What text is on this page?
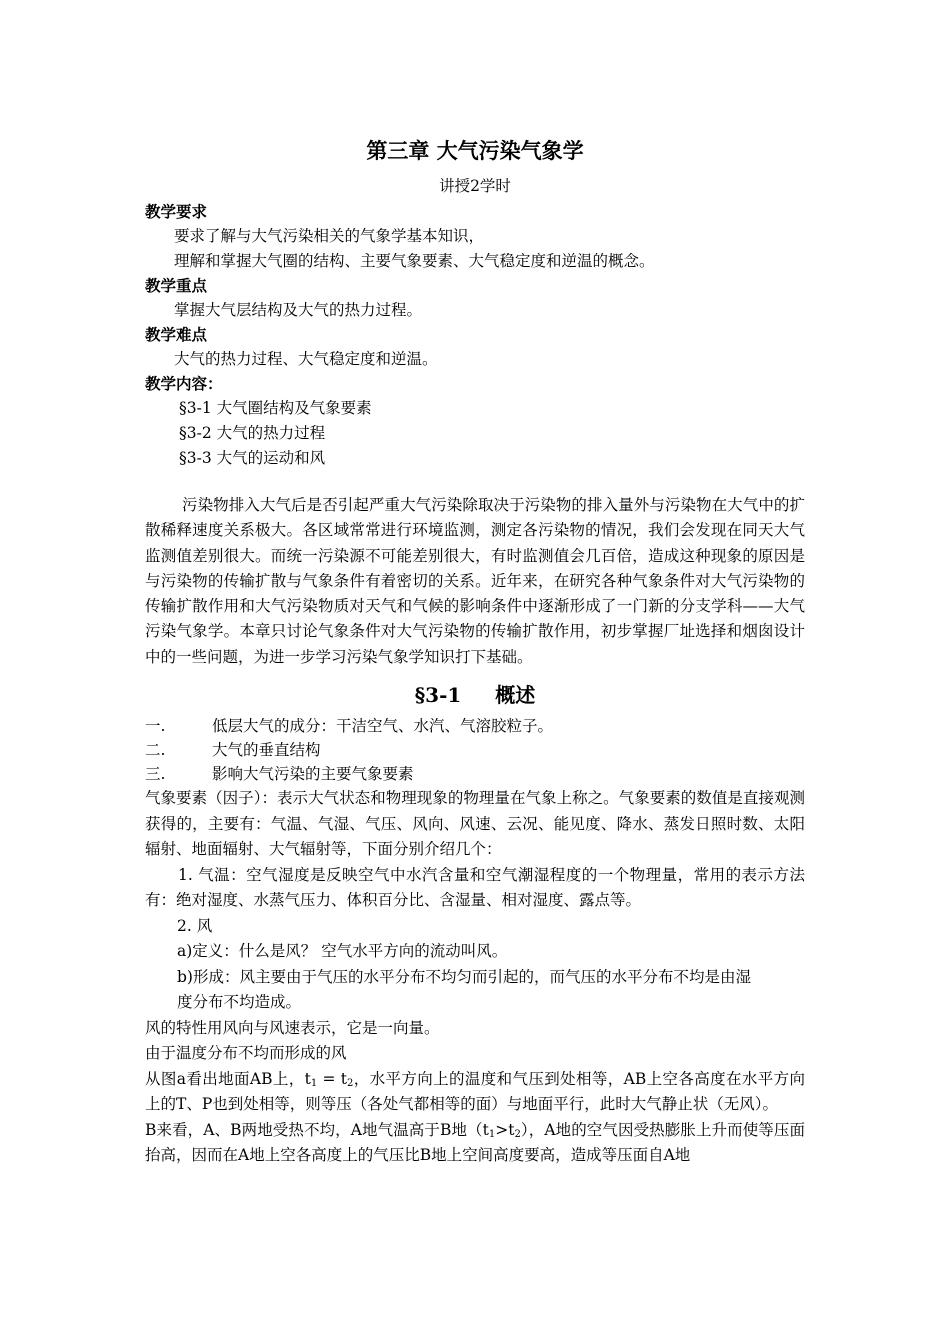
第三章 大气污染气象学
讲授2学时
教学要求
要求了解与大气污染相关的气象学基本知识，
理解和掌握大气圈的结构、主要气象要素、大气稳定度和逆温的概念。
教学重点
掌握大气层结构及大气的热力过程。
教学难点
大气的热力过程、大气稳定度和逆温。
教学内容：
§3-1 大气圈结构及气象要素
§3-2 大气的热力过程
§3-3 大气的运动和风
污染物排入大气后是否引起严重大气污染除取决于污染物的排入量外与污染物在大气中的扩散稀释速度关系极大。各区域常常进行环境监测，测定各污染物的情况，我们会发现在同天大气监测值差别很大。而统一污染源不可能差别很大，有时监测值会几百倍，造成这种现象的原因是与污染物的传输扩散与气象条件有着密切的关系。近年来，在研究各种气象条件对大气污染物的传输扩散作用和大气污染物质对天气和气候的影响条件中逐渐形成了一门新的分支学科——大气污染气象学。本章只讨论气象条件对大气污染物的传输扩散作用，初步掌握厂址选择和烟囱设计中的一些问题，为进一步学习污染气象学知识打下基础。
§3-1 概述
一.	低层大气的成分：干洁空气、水汽、气溶胶粒子。
二.	大气的垂直结构
三.	影响大气污染的主要气象要素
气象要素（因子）：表示大气状态和物理现象的物理量在气象上称之。气象要素的数值是直接观测获得的，主要有：气温、气湿、气压、风向、风速、云况、能见度、降水、蒸发日照时数、太阳辐射、地面辐射、大气辐射等，下面分别介绍几个：
1. 气温：空气湿度是反映空气中水汽含量和空气潮湿程度的一个物理量，常用的表示方法有：绝对湿度、水蒸气压力、体积百分比、含湿量、相对湿度、露点等。
2. 风
a)定义：什么是风？ 空气水平方向的流动叫风。
b)形成：风主要由于气压的水平分布不均匀而引起的，而气压的水平分布不均是由湿
度分布不均造成。
风的特性用风向与风速表示，它是一向量。
由于温度分布不均而形成的风
从图a看出地面AB上，$t_1 = t_2$，水平方向上的温度和气压到处相等，AB上空各高度在水平方向上的T、P也到处相等，则等压（各处气都相等的面）与地面平行，此时大气静止状（无风）。
B来看，A、B两地受热不均，A地气温高于B地$(t_1>t_2)$，A地的空气因受热膨胀上升而使等压面抬高，因而在A地上空各高度上的气压比B地上空间高度要高，造成等压面自A地
